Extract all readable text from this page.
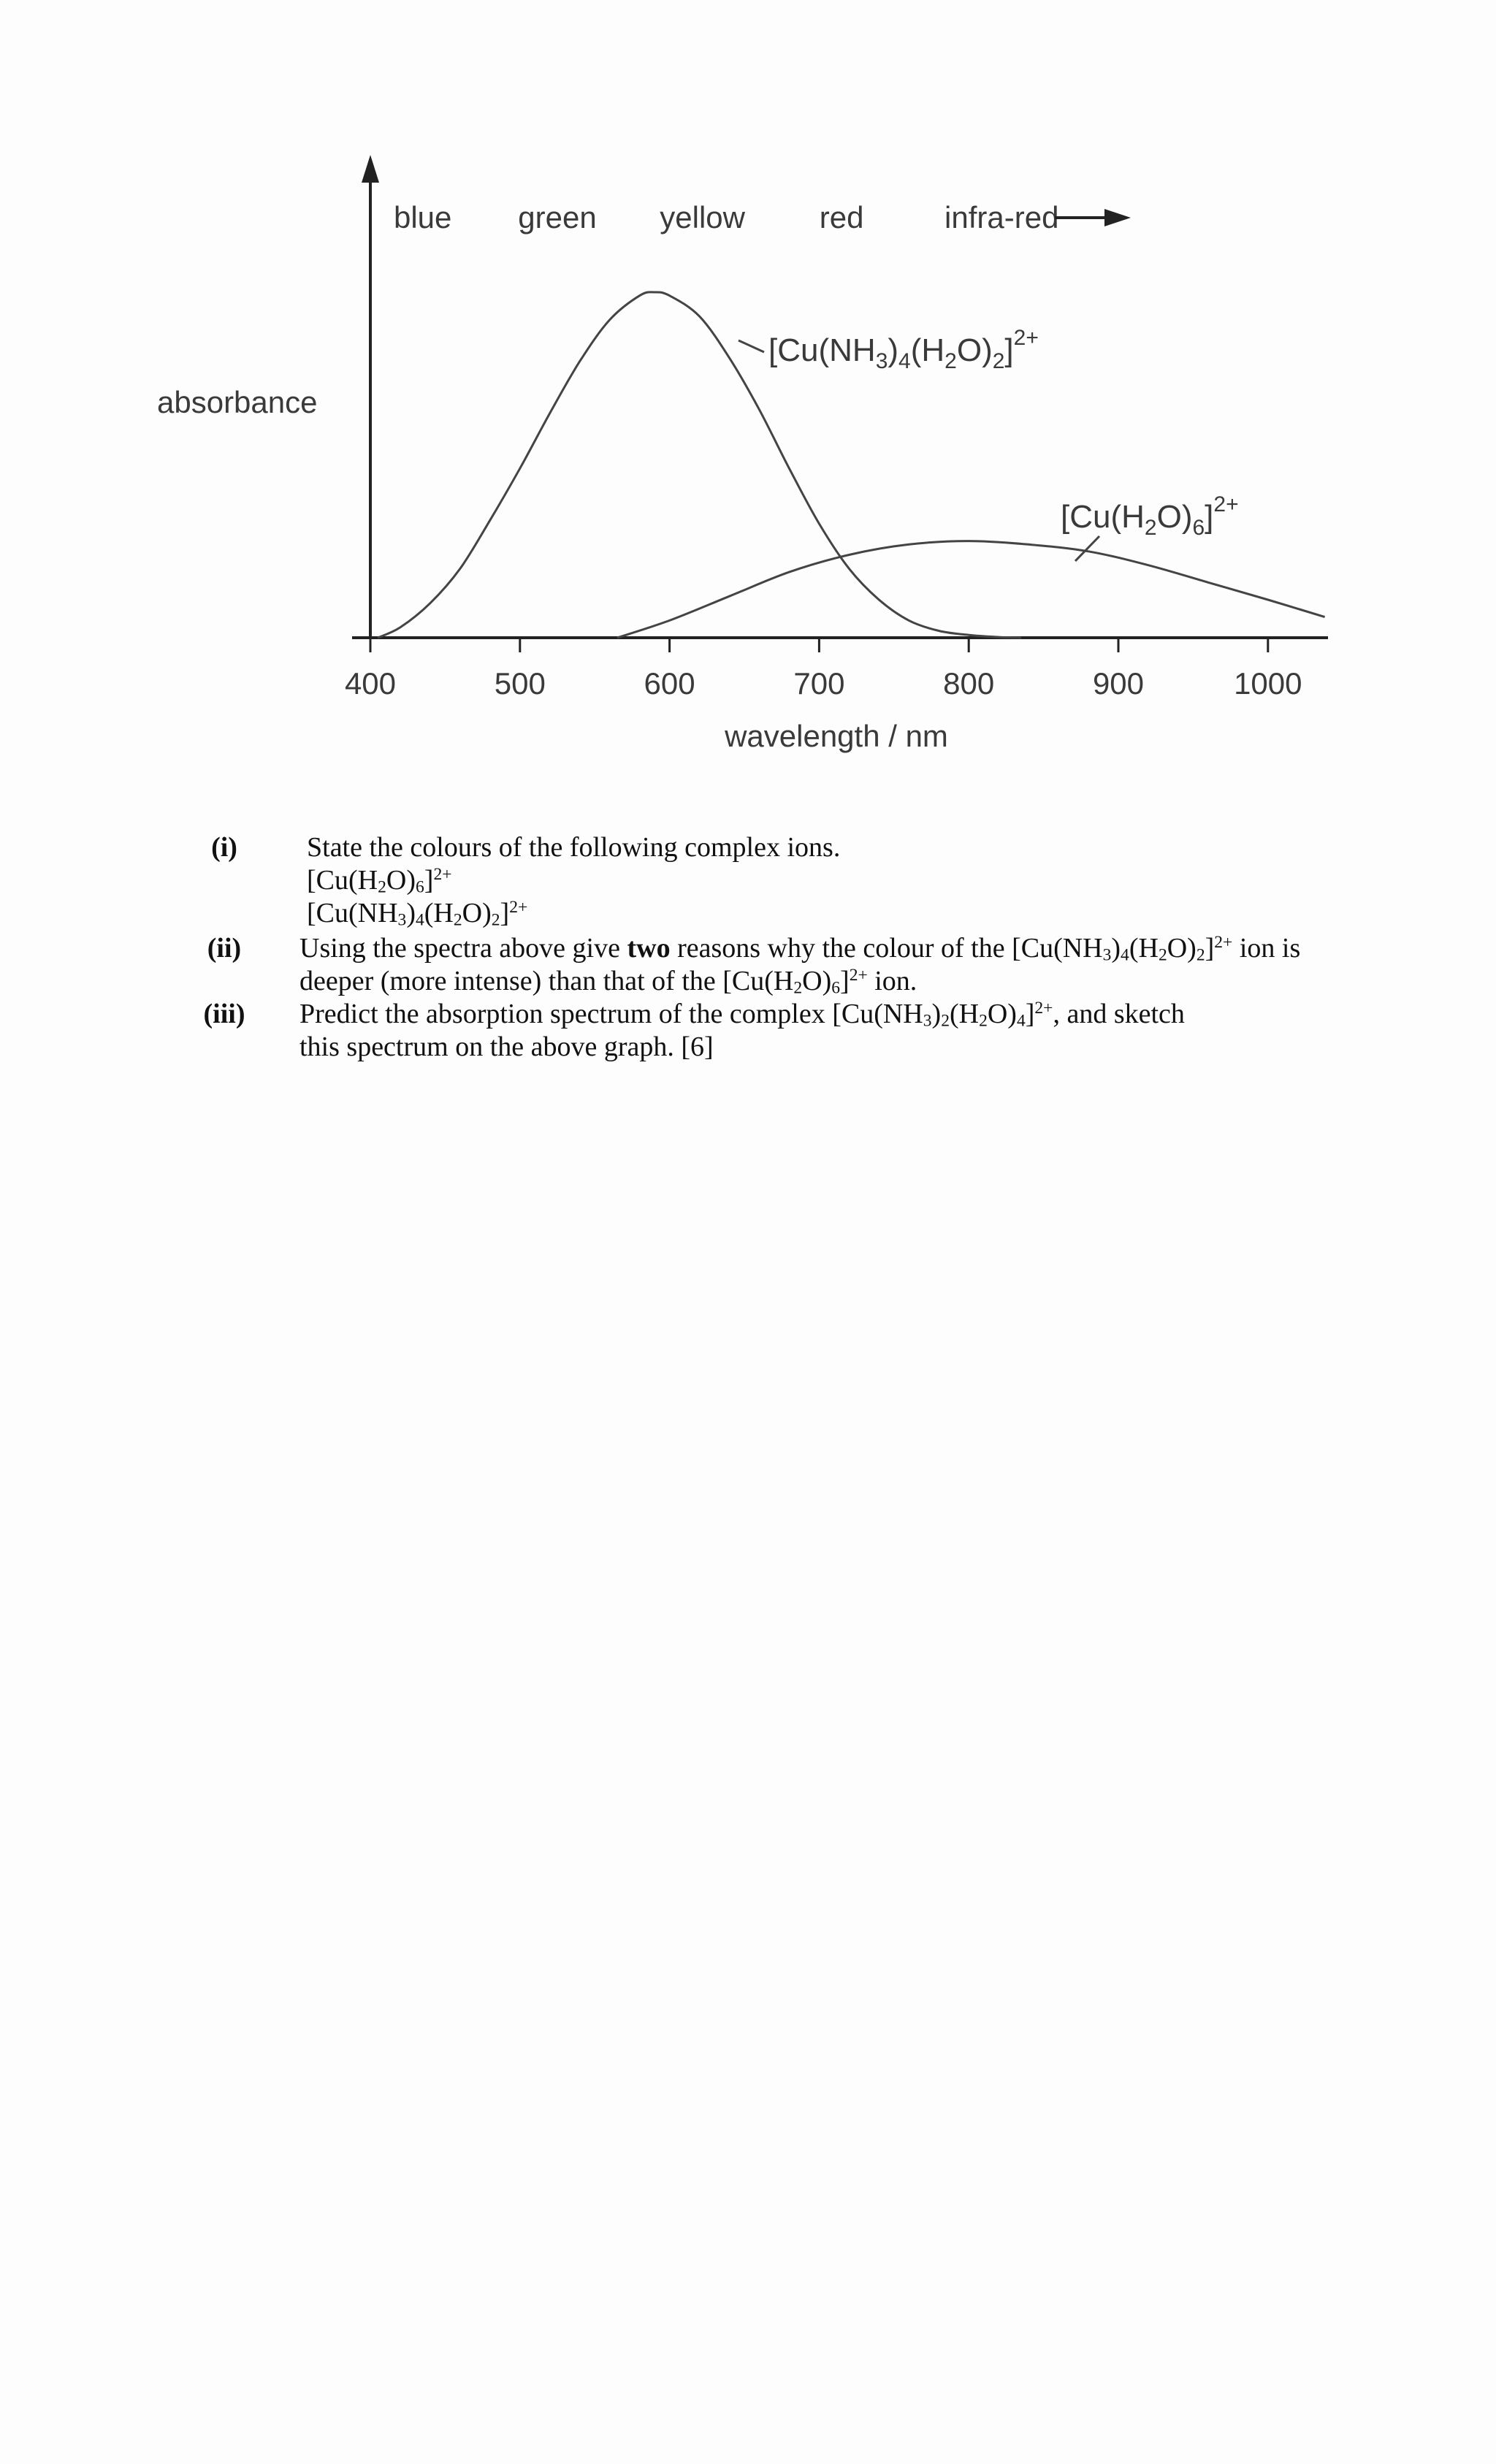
400	500	600	700	800	900	1000
absorbance
wavelength / nm
blue green yellow red	infra-red
$[Cu(NH_3)_4(H_2O)_2]^{2+}$
$[Cu(H_2O)_6]^{2+}$
(i)	State the colours of the following complex ions.
$[Cu(H_2O)_6]^{2+}$
$[Cu(NH_3)_4(H_2O)_2]^{2+}$
(ii)	Using the spectra above give two reasons why the colour of the $[Cu(NH_3)_4(H_2O)_2]^{2+}$ ion is
deeper (more intense) than that of the $[Cu(H_2O)_6]^{2+}$ ion.
(iii)	Predict the absorption spectrum of the complex $[Cu(NH_3)_2(H_2O)_4]^{2+}$, and sketch
this spectrum on the above graph. [6]
